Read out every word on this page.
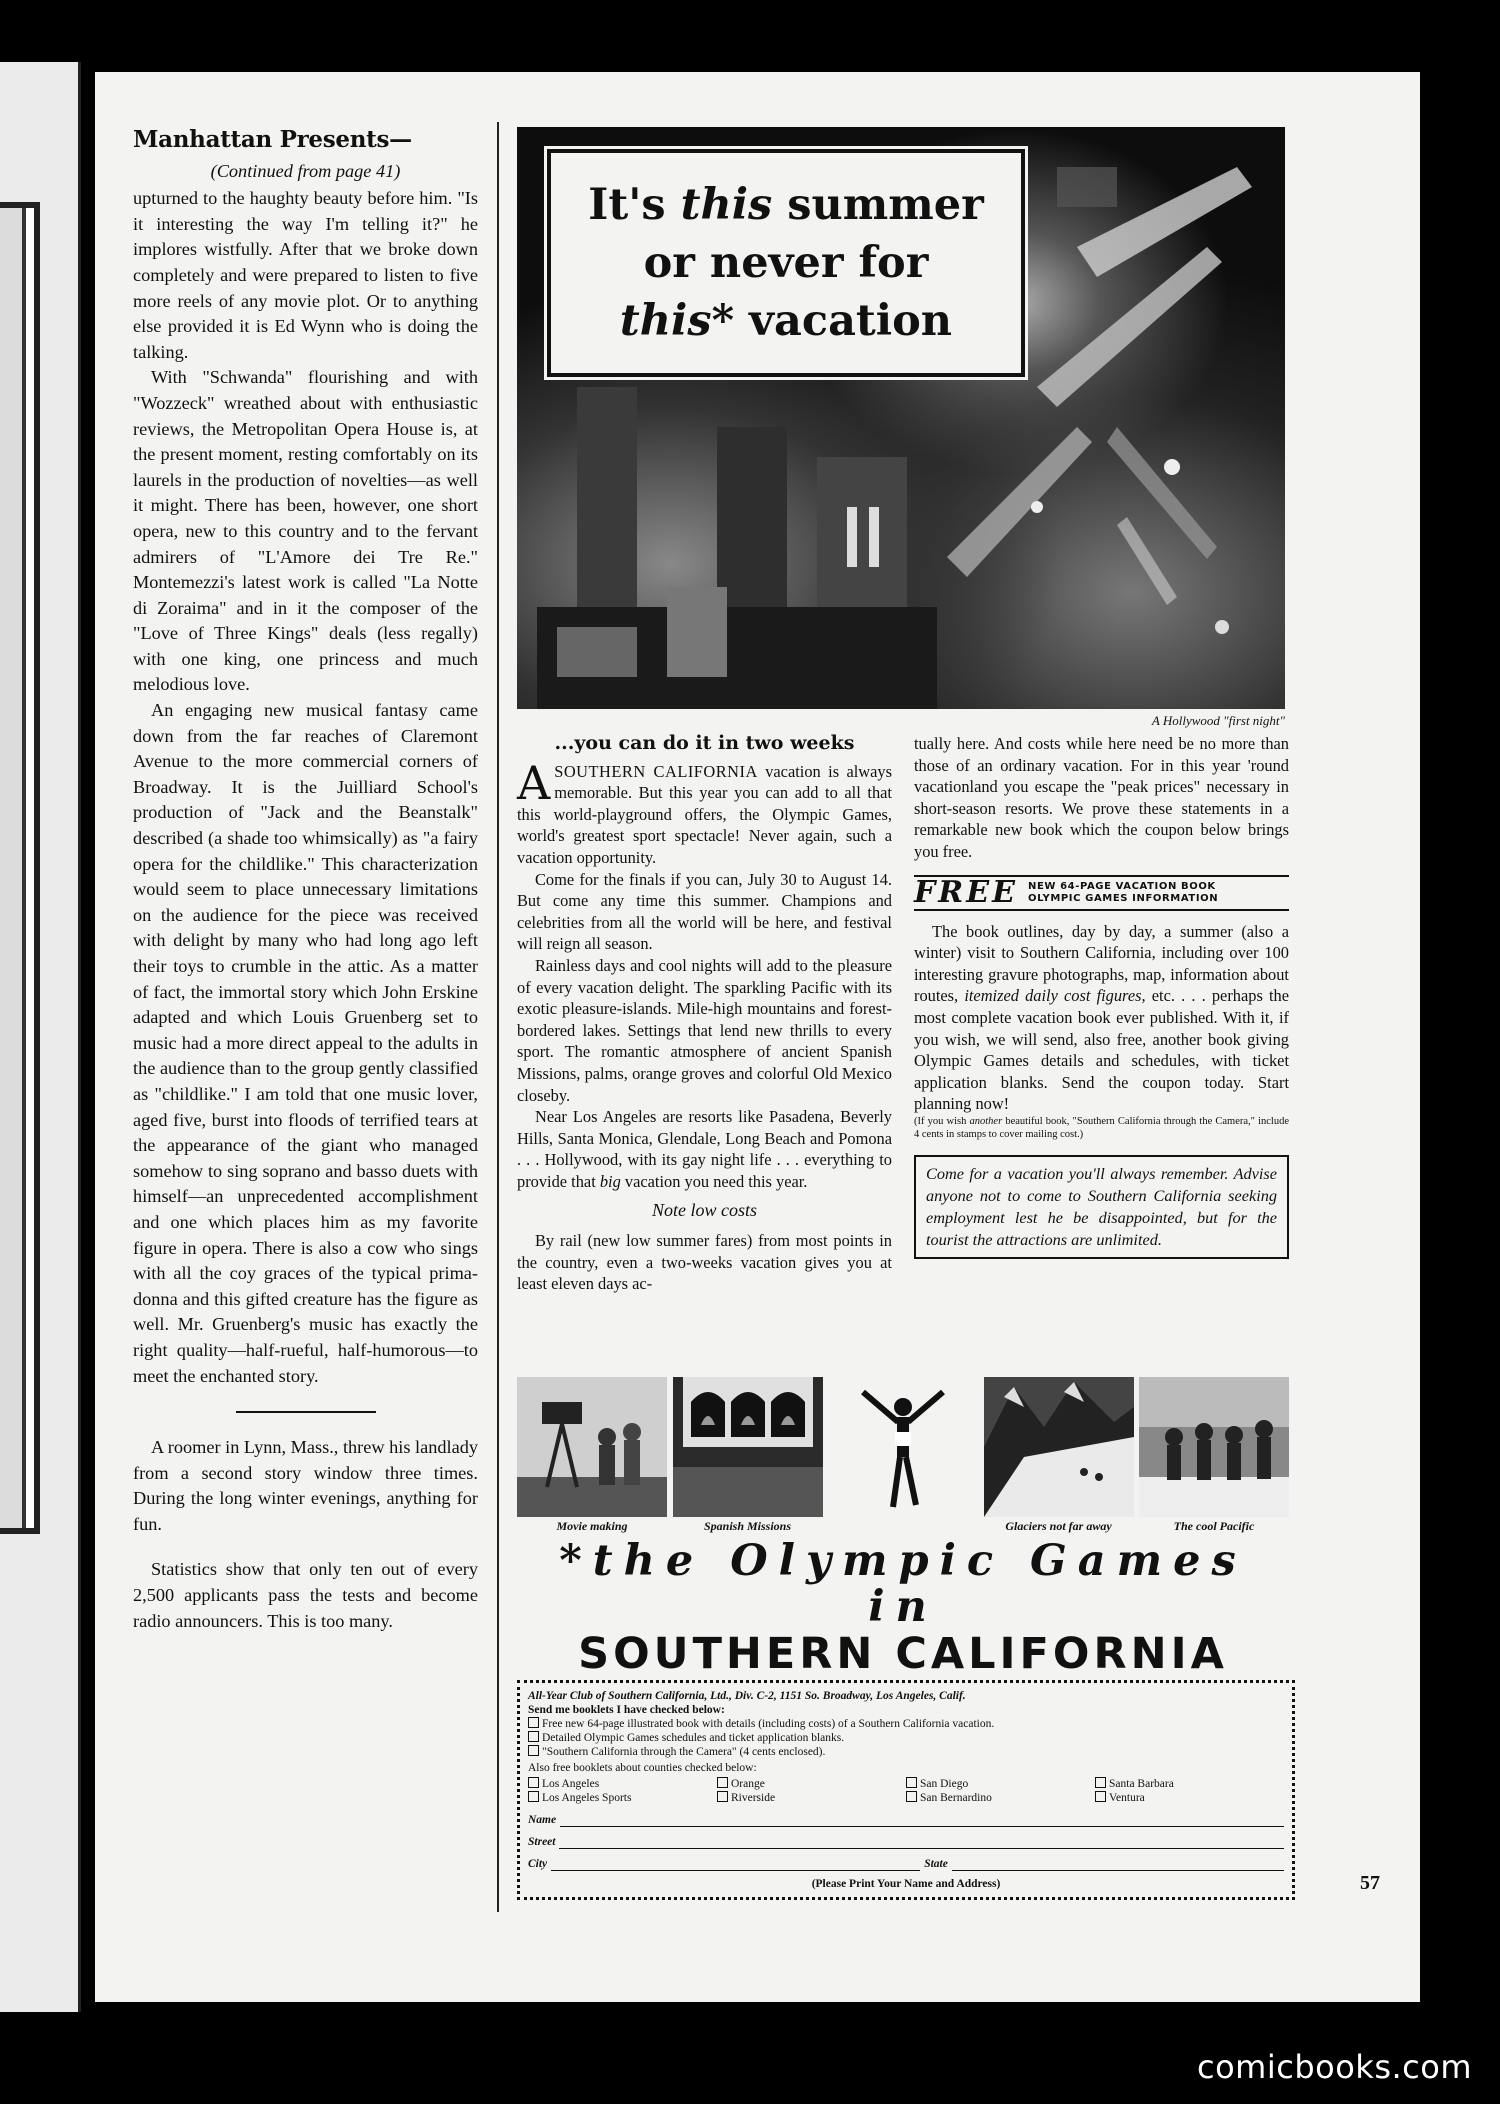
Manhattan Presents—
(Continued from page 41)

upturned to the haughty beauty before him. "Is it interesting the way I'm telling it?" he implores wistfully. After that we broke down completely and were prepared to listen to five more reels of any movie plot. Or to anything else provided it is Ed Wynn who is doing the talking.

With "Schwanda" flourishing and with "Wozzeck" wreathed about with enthusiastic reviews, the Metropolitan Opera House is, at the present moment, resting comfortably on its laurels in the production of novelties—as well it might. There has been, however, one short opera, new to this country and to the fervant admirers of "L'Amore dei Tre Re." Montemezzi's latest work is called "La Notte di Zoraima" and in it the composer of the "Love of Three Kings" deals (less regally) with one king, one princess and much melodious love.

An engaging new musical fantasy came down from the far reaches of Claremont Avenue to the more commercial corners of Broadway. It is the Juilliard School's production of "Jack and the Beanstalk" described (a shade too whimsically) as "a fairy opera for the childlike." This characterization would seem to place unnecessary limitations on the audience for the piece was received with delight by many who had long ago left their toys to crumble in the attic. As a matter of fact, the immortal story which John Erskine adapted and which Louis Gruenberg set to music had a more direct appeal to the adults in the audience than to the group gently classified as "childlike." I am told that one music lover, aged five, burst into floods of terrified tears at the appearance of the giant who managed somehow to sing soprano and basso duets with himself—an unprecedented accomplishment and one which places him as my favorite figure in opera. There is also a cow who sings with all the coy graces of the typical prima-donna and this gifted creature has the figure as well. Mr. Gruenberg's music has exactly the right quality—half-rueful, half-humorous—to meet the enchanted story.

A roomer in Lynn, Mass., threw his landlady from a second story window three times. During the long winter evenings, anything for fun.

Statistics show that only ten out of every 2,500 applicants pass the tests and become radio announcers. This is too many.

It's this summer
or never for
this* vacation
A Hollywood "first night"
...you can do it in two weeks

ASOUTHERN CALIFORNIA vacation is always memorable. But this year you can add to all that this world-playground offers, the Olympic Games, world's greatest sport spectacle! Never again, such a vacation opportunity.

Come for the finals if you can, July 30 to August 14. But come any time this summer. Champions and celebrities from all the world will be here, and festival will reign all season.

Rainless days and cool nights will add to the pleasure of every vacation delight. The sparkling Pacific with its exotic pleasure-islands. Mile-high mountains and forest-bordered lakes. Settings that lend new thrills to every sport. The romantic atmosphere of ancient Spanish Missions, palms, orange groves and colorful Old Mexico closeby.

Near Los Angeles are resorts like Pasadena, Beverly Hills, Santa Monica, Glendale, Long Beach and Pomona . . . Hollywood, with its gay night life . . . everything to provide that big vacation you need this year.

Note low costs

By rail (new low summer fares) from most points in the country, even a two-weeks vacation gives you at least eleven days ac-

tually here. And costs while here need be no more than those of an ordinary vacation. For in this year 'round vacationland you escape the "peak prices" necessary in short-season resorts. We prove these statements in a remarkable new book which the coupon below brings you free.

FREE NEW 64-PAGE VACATION BOOK
OLYMPIC GAMES INFORMATION

The book outlines, day by day, a summer (also a winter) visit to Southern California, including over 100 interesting gravure photographs, map, information about routes, itemized daily cost figures, etc. . . . perhaps the most complete vacation book ever published. With it, if you wish, we will send, also free, another book giving Olympic Games details and schedules, with ticket application blanks. Send the coupon today. Start planning now!

(If you wish another beautiful book, "Southern California through the Camera," include 4 cents in stamps to cover mailing cost.)

Come for a vacation you'll always remember. Advise anyone not to come to Southern California seeking employment lest he be disappointed, but for the tourist the attractions are unlimited.
Movie making	Spanish Missions	Glaciers not far away	The cool Pacific
*the Olympic Games in
SOUTHERN CALIFORNIA
All-Year Club of Southern California, Ltd., Div. C-2, 1151 So. Broadway, Los Angeles, Calif.
Send me booklets I have checked below:
Free new 64-page illustrated book with details (including costs) of a Southern California vacation.
Detailed Olympic Games schedules and ticket application blanks.
"Southern California through the Camera" (4 cents enclosed).
Also free booklets about counties checked below:
Los Angeles	Orange	San Diego	Santa Barbara
Los Angeles Sports	Riverside	San Bernardino	Ventura
Name
Street
City	State
(Please Print Your Name and Address)	57
comicbooks.com
